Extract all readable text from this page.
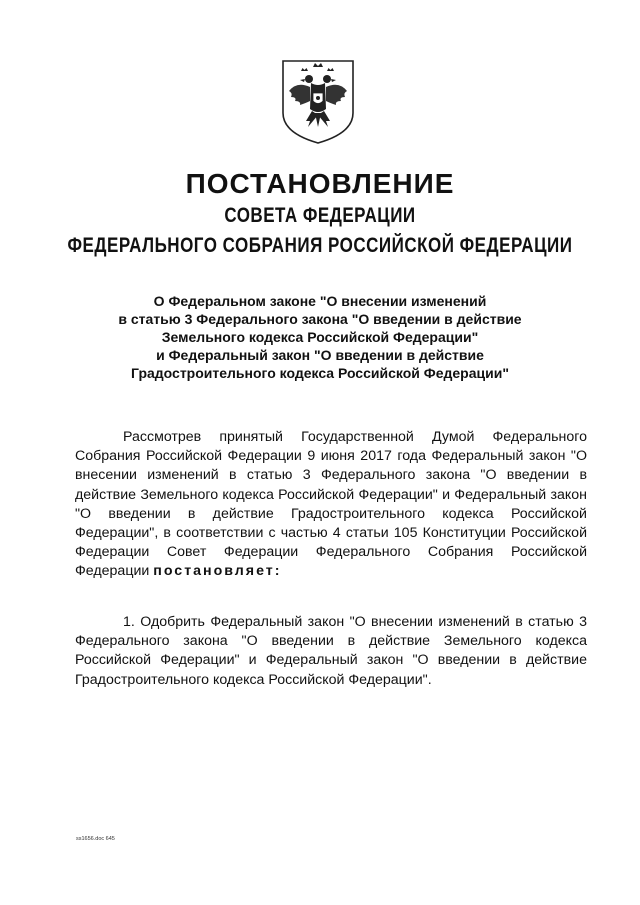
ПОСТАНОВЛЕНИЕ
СОВЕТА ФЕДЕРАЦИИ
ФЕДЕРАЛЬНОГО СОБРАНИЯ РОССИЙСКОЙ ФЕДЕРАЦИИ
О Федеральном законе "О внесении изменений
в статью 3 Федерального закона "О введении в действие
Земельного кодекса Российской Федерации"
и Федеральный закон "О введении в действие
Градостроительного кодекса Российской Федерации"
Рассмотрев принятый Государственной Думой Федерального Собрания Российской Федерации 9 июня 2017 года Федеральный закон "О внесении изменений в статью 3 Федерального закона "О введении в действие Земельного кодекса Российской Федерации" и Федеральный закон "О введении в действие Градостроительного кодекса Российской Федерации", в соответствии с частью 4 статьи 105 Конституции Российской Федерации Совет Федерации Федерального Собрания Российской Федерации постановляет:
1. Одобрить Федеральный закон "О внесении изменений в статью 3 Федерального закона "О введении в действие Земельного кодекса Российской Федерации" и Федеральный закон "О введении в действие Градостроительного кодекса Российской Федерации".
ss1656.doc 645
